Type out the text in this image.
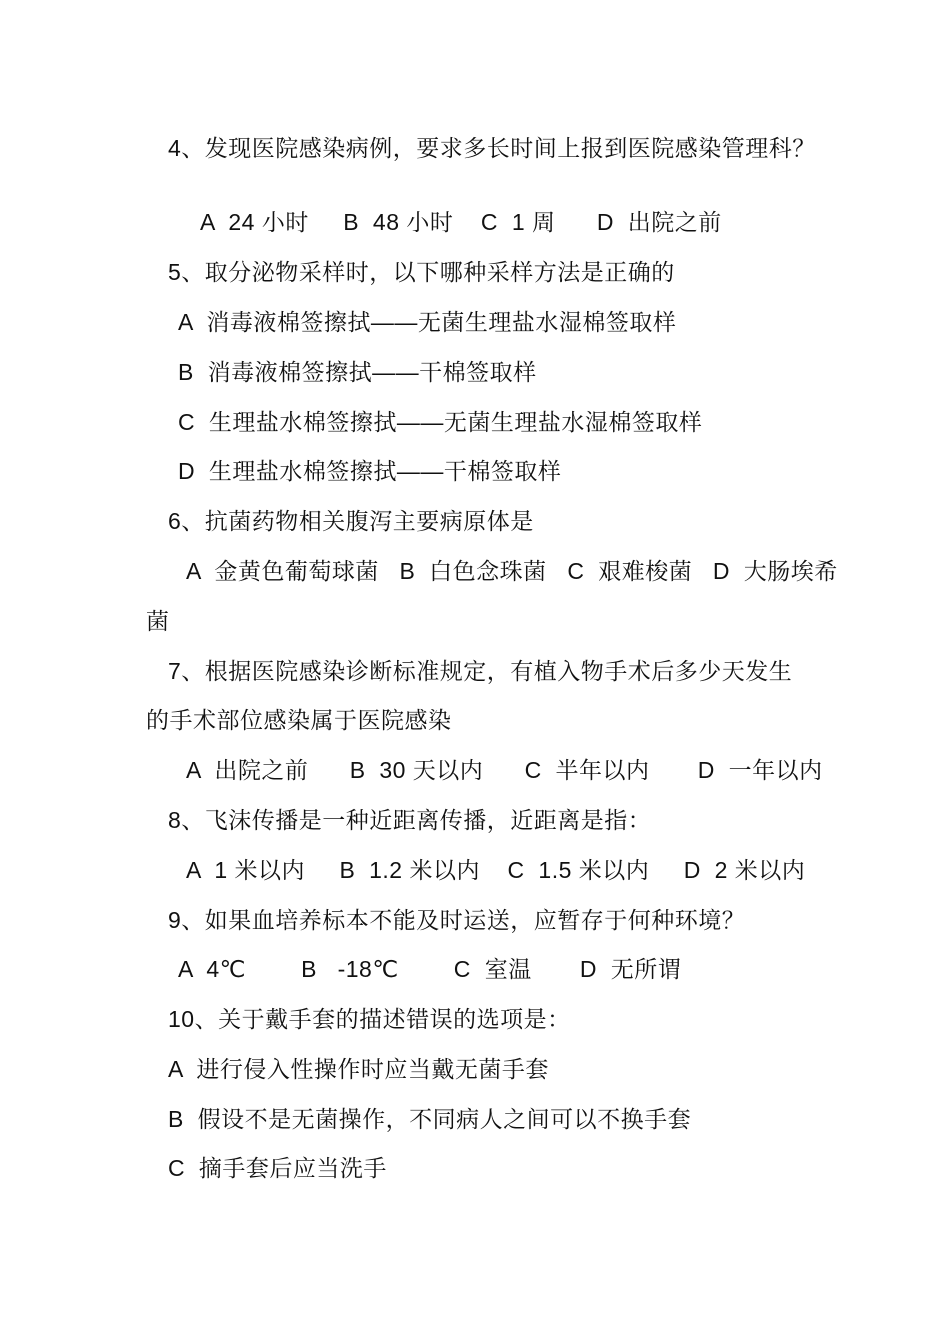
4、发现医院感染病例，要求多长时间上报到医院感染管理科？
A  24 小时     B  48 小时    C  1 周      D  出院之前
5、取分泌物采样时，以下哪种采样方法是正确的
A  消毒液棉签擦拭——无菌生理盐水湿棉签取样
B  消毒液棉签擦拭——干棉签取样
C  生理盐水棉签擦拭——无菌生理盐水湿棉签取样
D  生理盐水棉签擦拭——干棉签取样
6、抗菌药物相关腹泻主要病原体是
A  金黄色葡萄球菌   B  白色念珠菌   C  艰难梭菌   D  大肠埃希
菌
7、根据医院感染诊断标准规定，有植入物手术后多少天发生
的手术部位感染属于医院感染
A  出院之前      B  30 天以内      C  半年以内       D  一年以内
8、飞沫传播是一种近距离传播，近距离是指：
A  1 米以内     B  1.2 米以内    C  1.5 米以内     D  2 米以内
9、如果血培养标本不能及时运送，应暂存于何种环境？
A  4℃        B   -18℃        C  室温       D  无所谓
10、关于戴手套的描述错误的选项是：
A  进行侵入性操作时应当戴无菌手套
B  假设不是无菌操作，不同病人之间可以不换手套
C  摘手套后应当洗手
